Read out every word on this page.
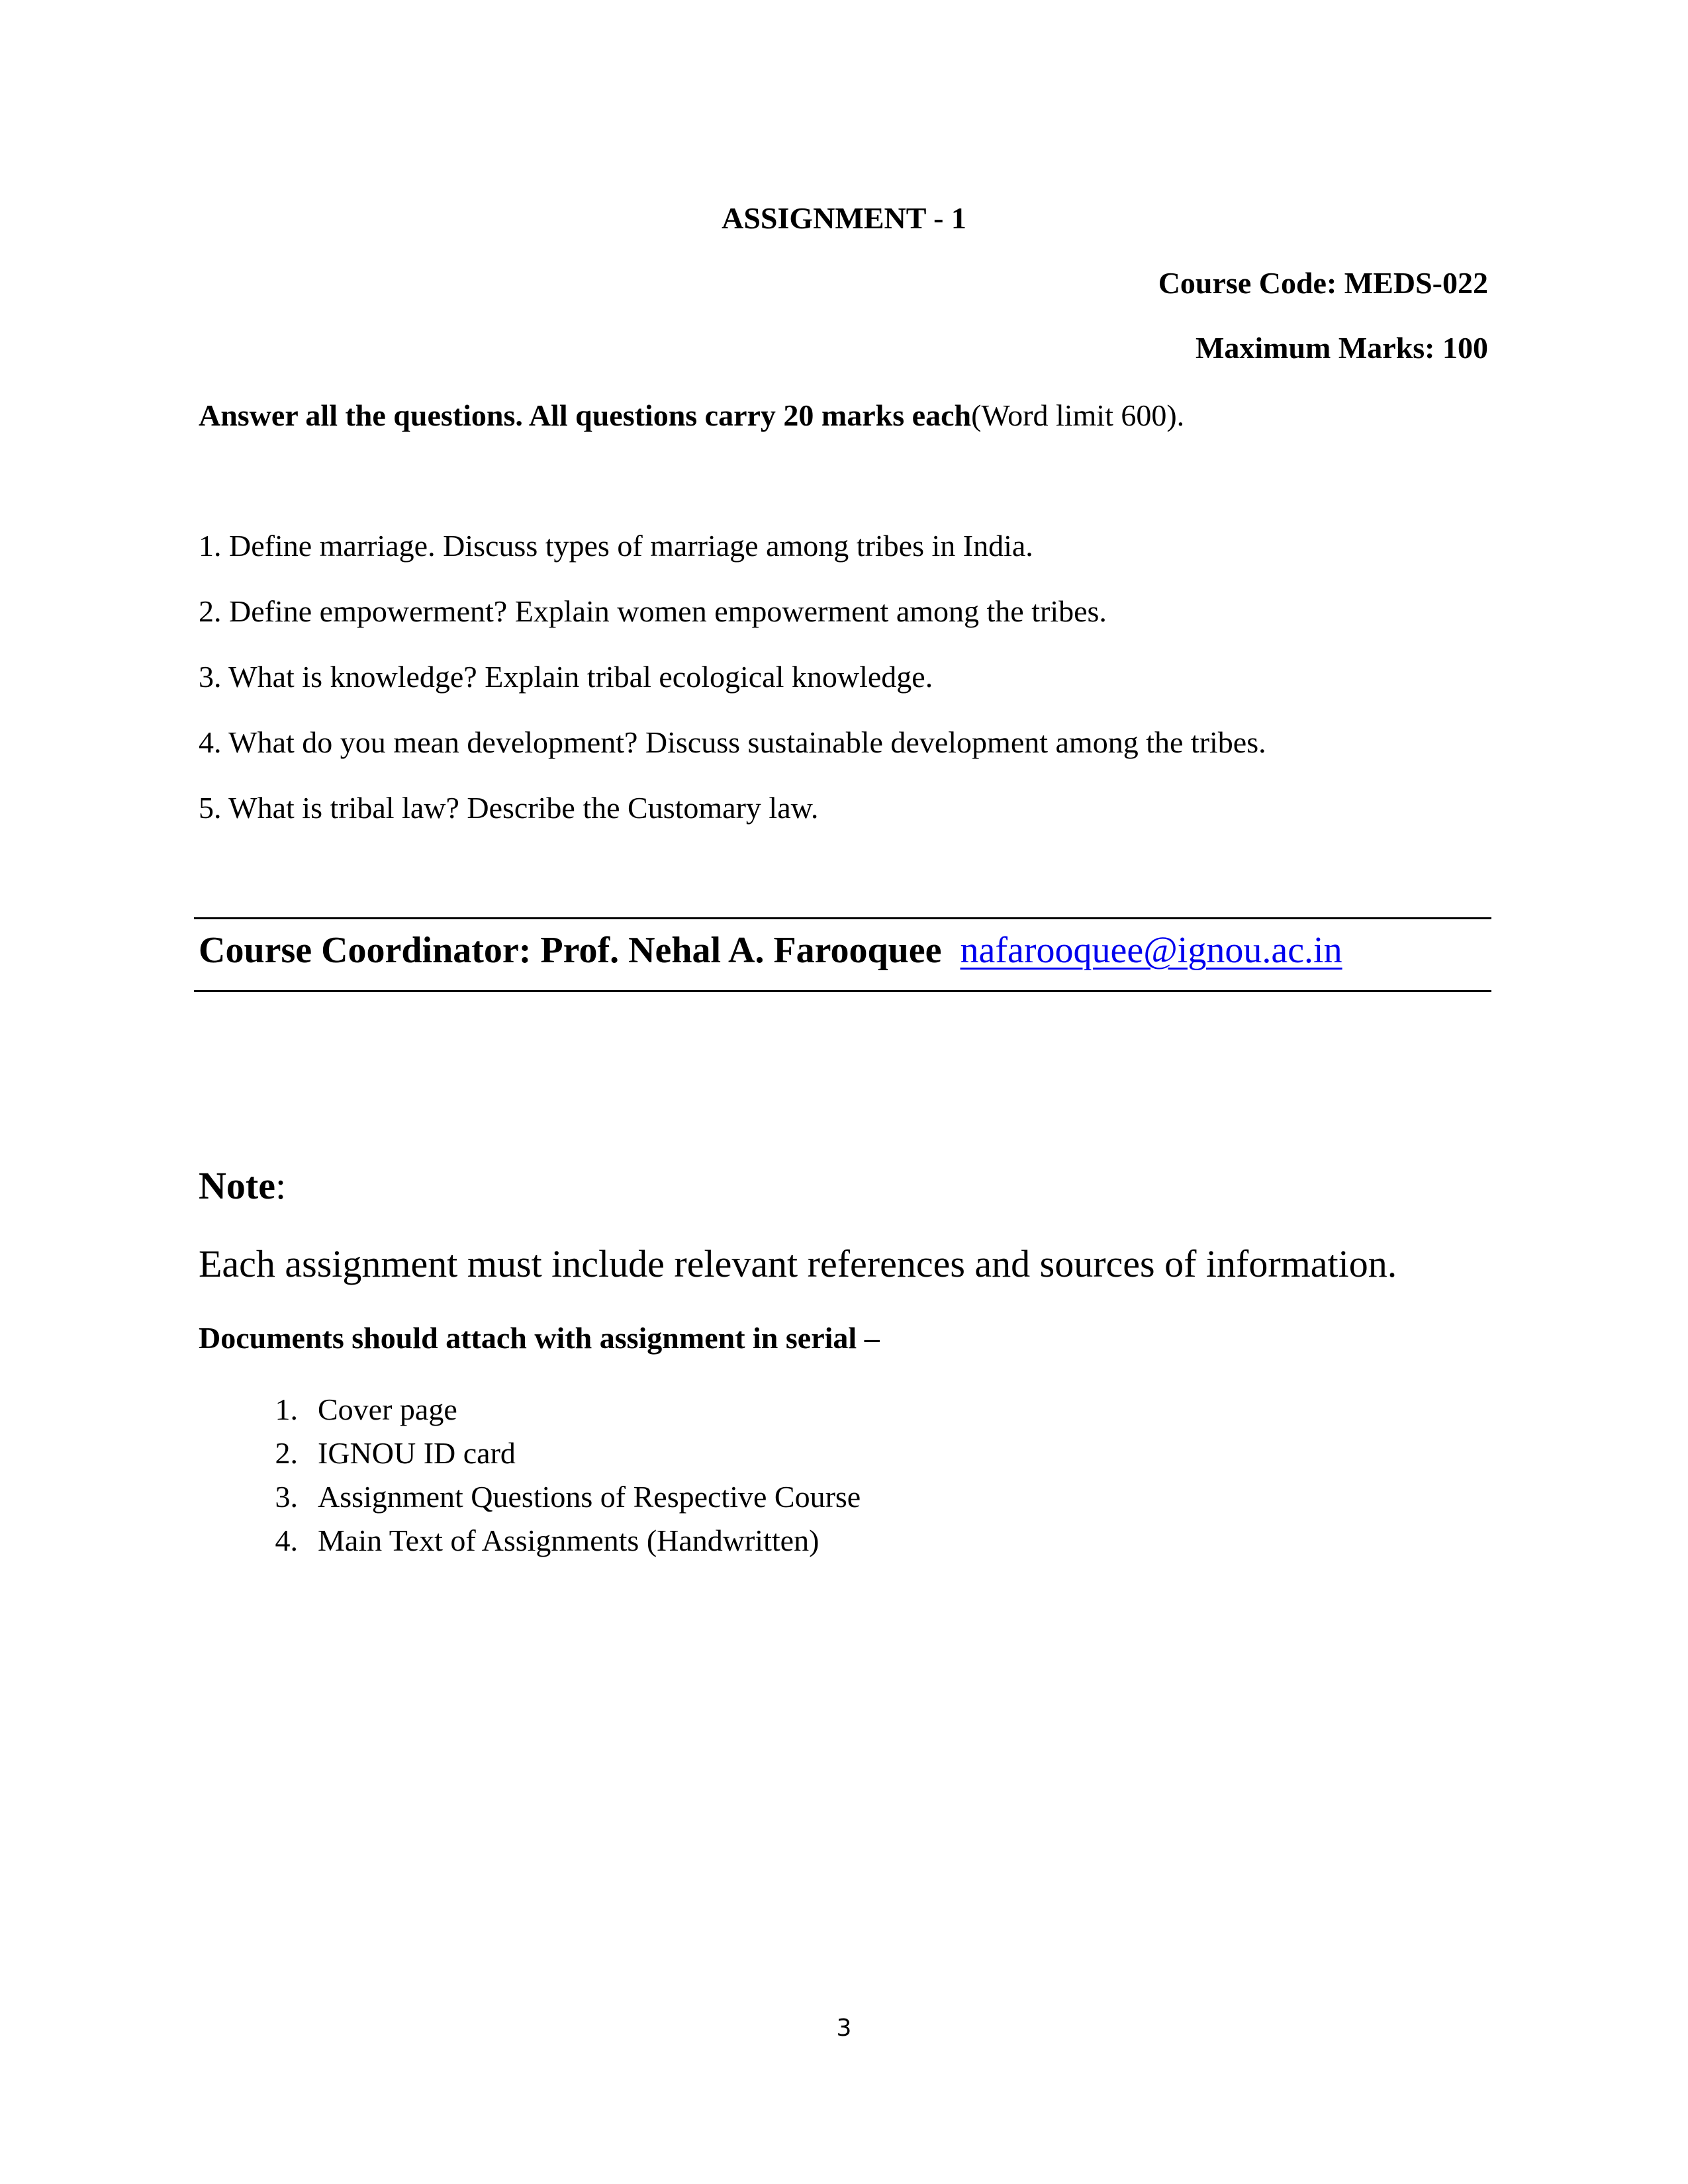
ASSIGNMENT - 1
Course Code: MEDS-022
Maximum Marks: 100
Answer all the questions. All questions carry 20 marks each(Word limit 600).
1. Define marriage. Discuss types of marriage among tribes in India.
2. Define empowerment? Explain women empowerment among the tribes.
3. What is knowledge? Explain tribal ecological knowledge.
4. What do you mean development? Discuss sustainable development among the tribes.
5. What is tribal law? Describe the Customary law.
Course Coordinator: Prof. Nehal A. Farooquee nafarooquee@ignou.ac.in
Note:
Each assignment must include relevant references and sources of information.
Documents should attach with assignment in serial –
1. Cover page
2. IGNOU ID card
3. Assignment Questions of Respective Course
4. Main Text of Assignments (Handwritten)
3
